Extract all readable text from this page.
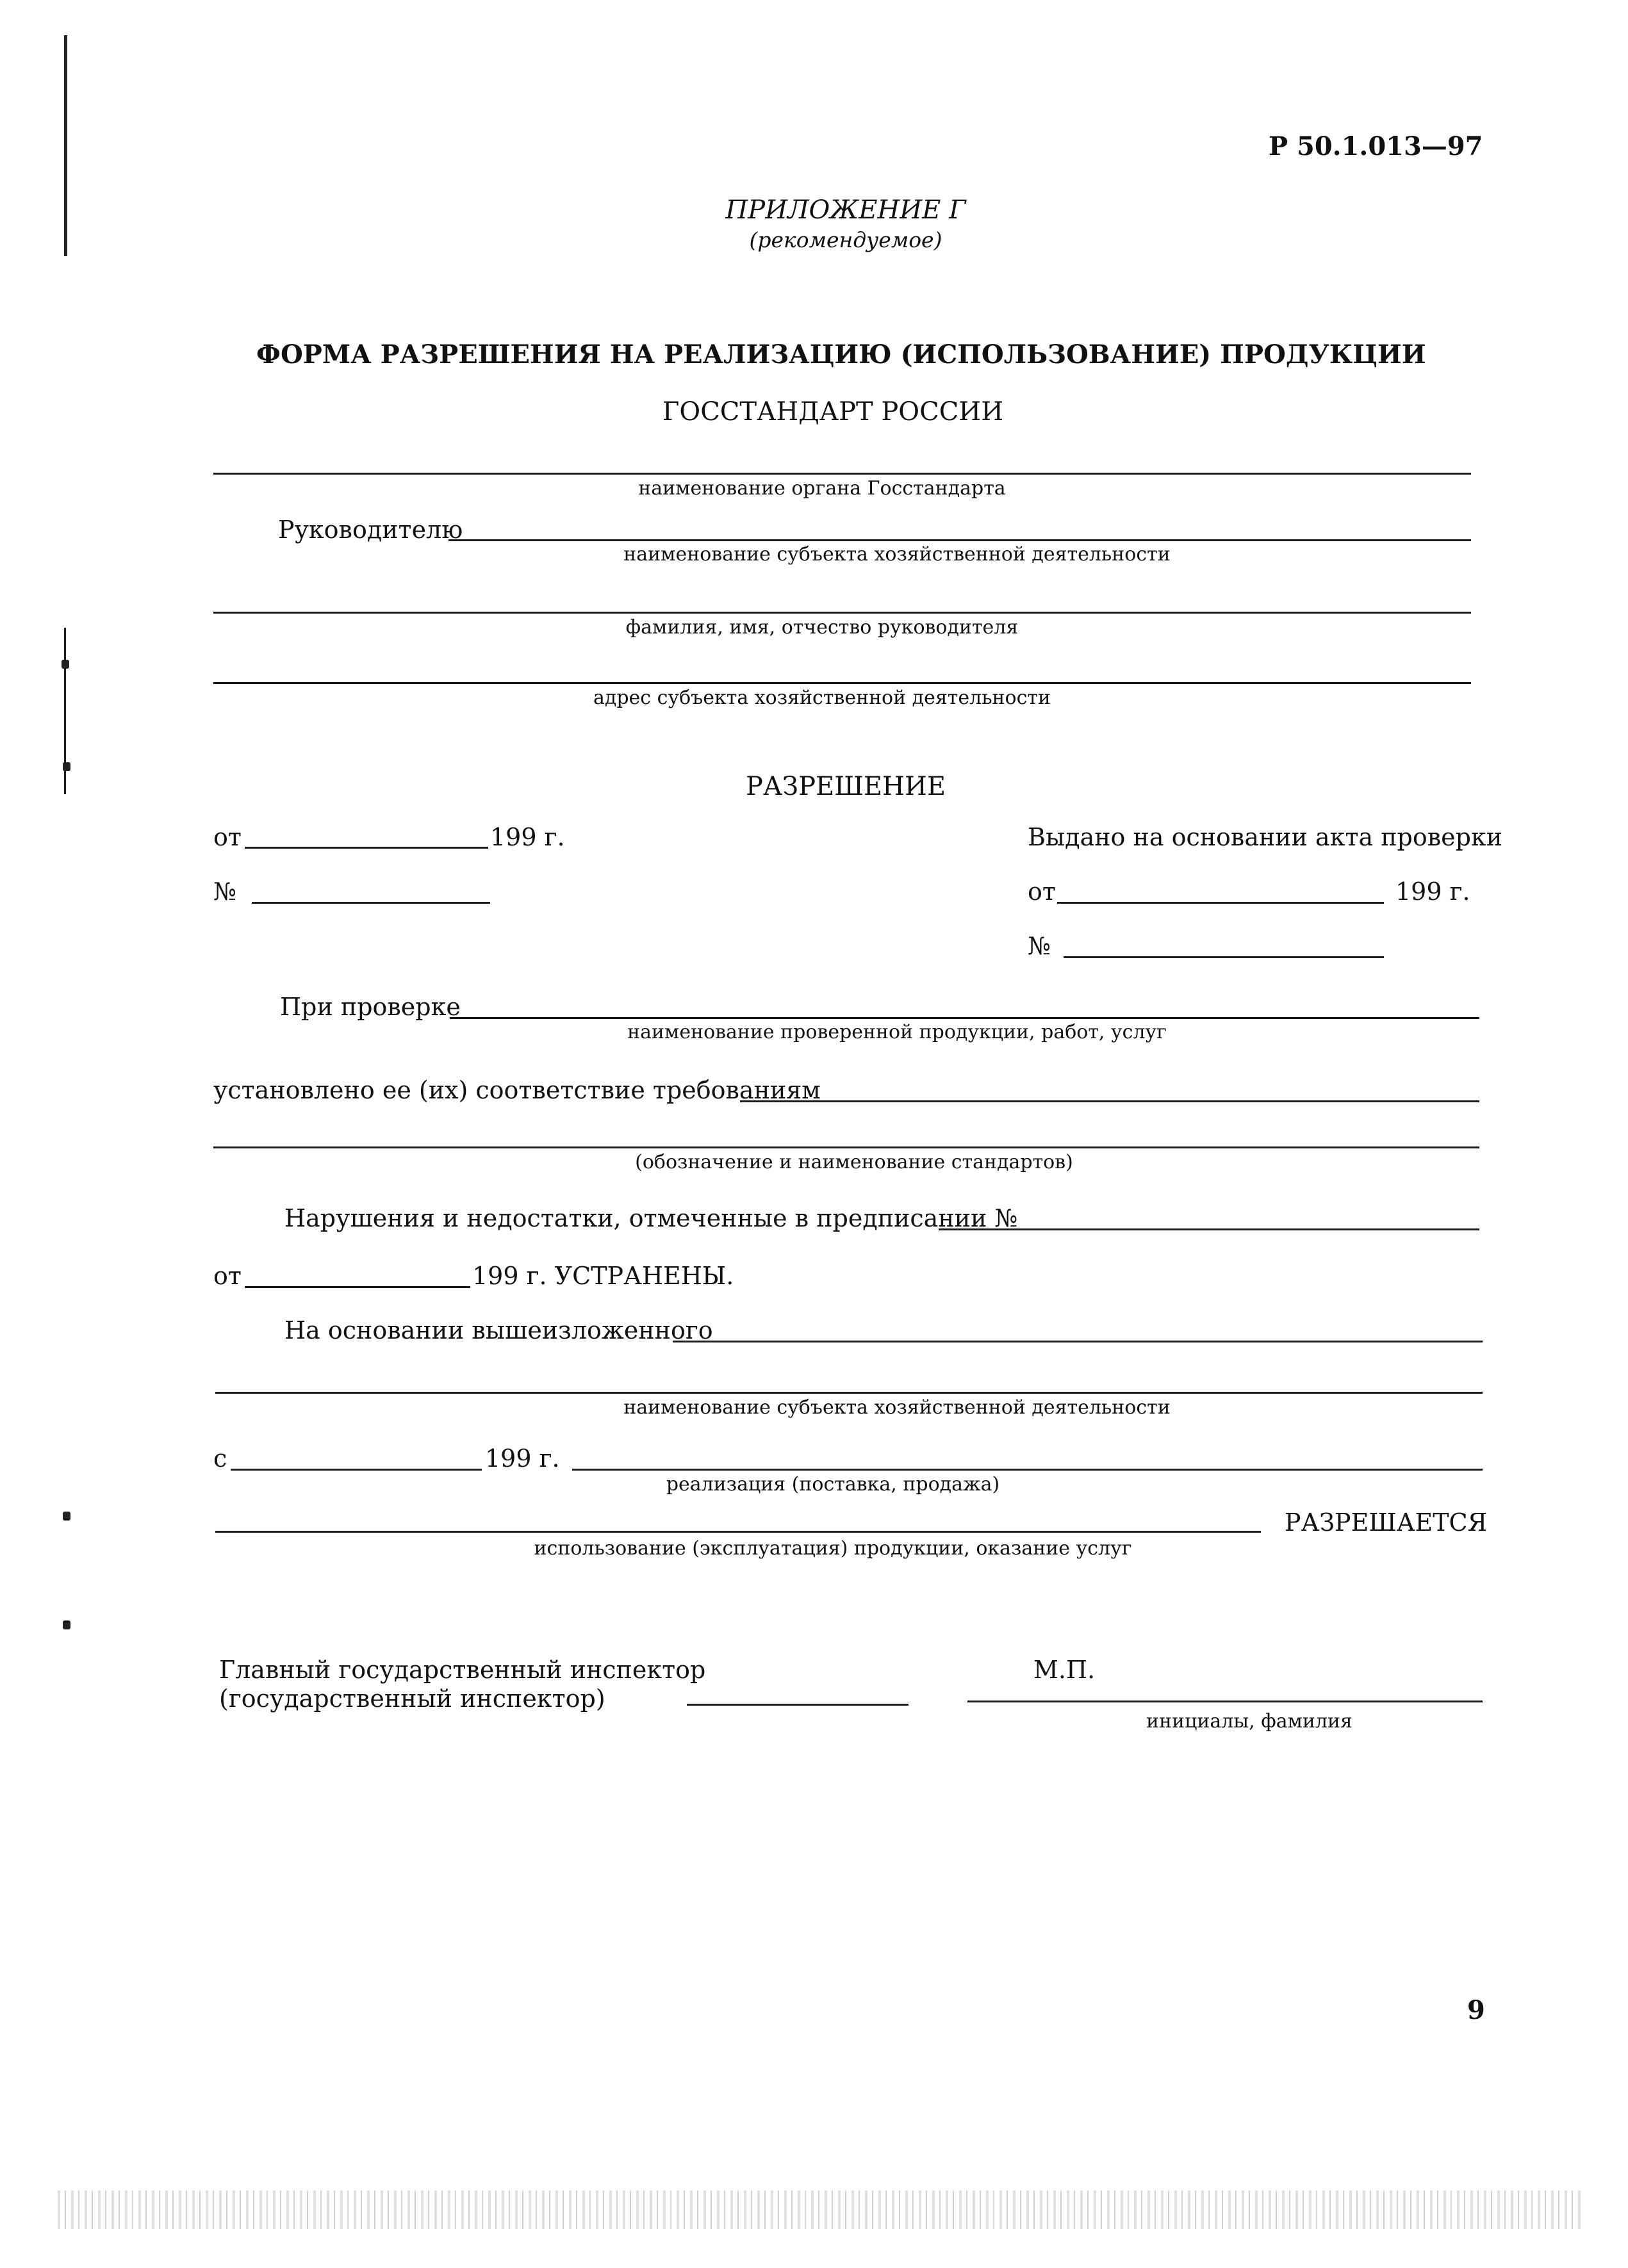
Р 50.1.013—97
ПРИЛОЖЕНИЕ Г
(рекомендуемое)
ФОРМА РАЗРЕШЕНИЯ НА РЕАЛИЗАЦИЮ (ИСПОЛЬЗОВАНИЕ) ПРОДУКЦИИ
ГОССТАНДАРТ РОССИИ
наименование органа Госстандарта
Руководителю
наименование субъекта хозяйственной деятельности
фамилия, имя, отчество руководителя
адрес субъекта хозяйственной деятельности
РАЗРЕШЕНИЕ
от	199 г.
№
Выдано на основании акта проверки
от	199 г.
№
При проверке
наименование проверенной продукции, работ, услуг
установлено ее (их) соответствие требованиям
(обозначение и наименование стандартов)
Нарушения и недостатки, отмеченные в предписании №
от	199 г. УСТРАНЕНЫ.
На основании вышеизложенного
наименование субъекта хозяйственной деятельности
с	199 г.
реализация (поставка, продажа)
РАЗРЕШАЕТСЯ
использование (эксплуатация) продукции, оказание услуг
Главный государственный инспектор
(государственный инспектор)
М.П.
инициалы, фамилия
9
